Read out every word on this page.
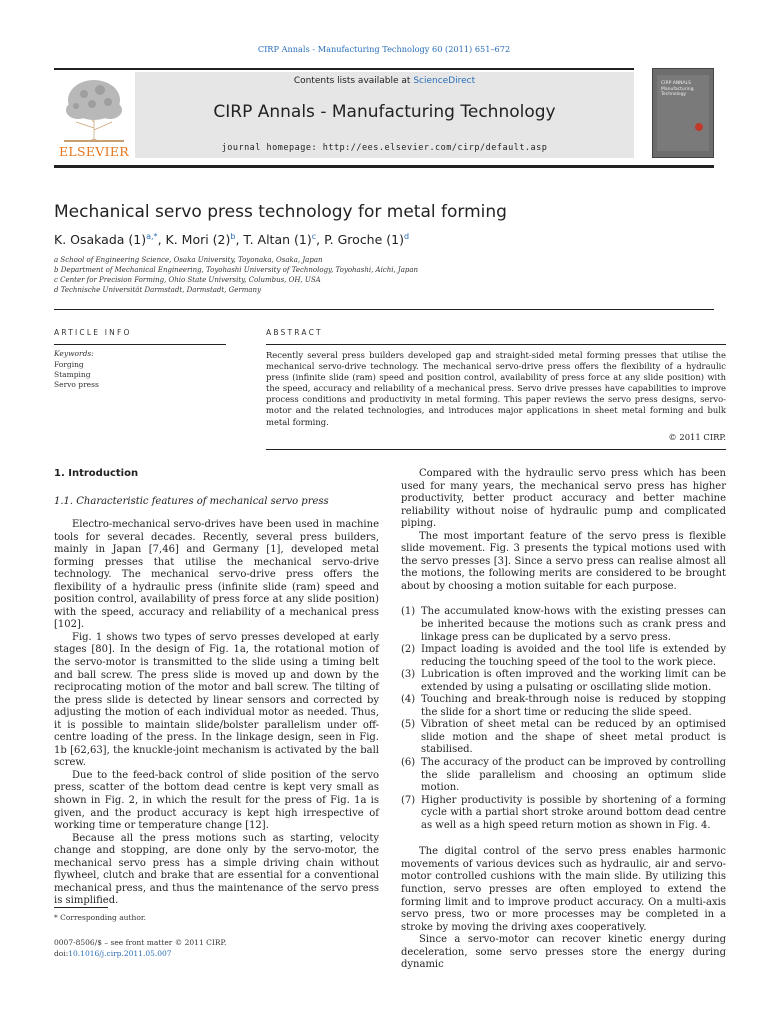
CIRP Annals - Manufacturing Technology 60 (2011) 651–672
ELSEVIER
Contents lists available at ScienceDirect
CIRP Annals - Manufacturing Technology
journal homepage: http://ees.elsevier.com/cirp/default.asp
CIRP ANNALS
Manufacturing
Technology
Mechanical servo press technology for metal forming
K. Osakada $(1)^{a,*}$, K. Mori $(2)^b$, T. Altan $(1)^c$, P. Groche $(1)^d$
a School of Engineering Science, Osaka University, Toyonaka, Osaka, Japan
b Department of Mechanical Engineering, Toyohashi University of Technology, Toyohashi, Aichi, Japan
c Center for Precision Forming, Ohio State University, Columbus, OH, USA
d Technische Universität Darmstadt, Darmstadt, Germany
ARTICLE INFO
Keywords:
Forging
Stamping
Servo press
ABSTRACT
Recently several press builders developed gap and straight-sided metal forming presses that utilise the mechanical servo-drive technology. The mechanical servo-drive press offers the flexibility of a hydraulic press (infinite slide (ram) speed and position control, availability of press force at any slide position) with the speed, accuracy and reliability of a mechanical press. Servo drive presses have capabilities to improve process conditions and productivity in metal forming. This paper reviews the servo press designs, servo-motor and the related technologies, and introduces major applications in sheet metal forming and bulk metal forming.
© 2011 CIRP.
1. Introduction
1.1. Characteristic features of mechanical servo press

Electro-mechanical servo-drives have been used in machine tools for several decades. Recently, several press builders, mainly in Japan [7,46] and Germany [1], developed metal forming presses that utilise the mechanical servo-drive technology. The mechanical servo-drive press offers the flexibility of a hydraulic press (infinite slide (ram) speed and position control, availability of press force at any slide position) with the speed, accuracy and reliability of a mechanical press [102].

Fig. 1 shows two types of servo presses developed at early stages [80]. In the design of Fig. 1a, the rotational motion of the servo-motor is transmitted to the slide using a timing belt and ball screw. The press slide is moved up and down by the reciprocating motion of the motor and ball screw. The tilting of the press slide is detected by linear sensors and corrected by adjusting the motion of each individual motor as needed. Thus, it is possible to maintain slide/bolster parallelism under off-centre loading of the press. In the linkage design, seen in Fig. 1b [62,63], the knuckle-joint mechanism is activated by the ball screw.

Due to the feed-back control of slide position of the servo press, scatter of the bottom dead centre is kept very small as shown in Fig. 2, in which the result for the press of Fig. 1a is given, and the product accuracy is kept high irrespective of working time or temperature change [12].

Because all the press motions such as starting, velocity change and stopping, are done only by the servo-motor, the mechanical servo press has a simple driving chain without flywheel, clutch and brake that are essential for a conventional mechanical press, and thus the maintenance of the servo press is simplified.

* Corresponding author.
0007-8506/$ – see front matter © 2011 CIRP.
doi:10.1016/j.cirp.2011.05.007

Compared with the hydraulic servo press which has been used for many years, the mechanical servo press has higher productivity, better product accuracy and better machine reliability without noise of hydraulic pump and complicated piping.

The most important feature of the servo press is flexible slide movement. Fig. 3 presents the typical motions used with the servo presses [3]. Since a servo press can realise almost all the motions, the following merits are considered to be brought about by choosing a motion suitable for each purpose.

(1) The accumulated know-hows with the existing presses can be inherited because the motions such as crank press and linkage press can be duplicated by a servo press.
(2) Impact loading is avoided and the tool life is extended by reducing the touching speed of the tool to the work piece.
(3) Lubrication is often improved and the working limit can be extended by using a pulsating or oscillating slide motion.
(4) Touching and break-through noise is reduced by stopping the slide for a short time or reducing the slide speed.
(5) Vibration of sheet metal can be reduced by an optimised slide motion and the shape of sheet metal product is stabilised.
(6) The accuracy of the product can be improved by controlling the slide parallelism and choosing an optimum slide motion.
(7) Higher productivity is possible by shortening of a forming cycle with a partial short stroke around bottom dead centre as well as a high speed return motion as shown in Fig. 4.

The digital control of the servo press enables harmonic movements of various devices such as hydraulic, air and servo-motor controlled cushions with the main slide. By utilizing this function, servo presses are often employed to extend the forming limit and to improve product accuracy. On a multi-axis servo press, two or more processes may be completed in a stroke by moving the driving axes cooperatively.

Since a servo-motor can recover kinetic energy during deceleration, some servo presses store the energy during dynamic
